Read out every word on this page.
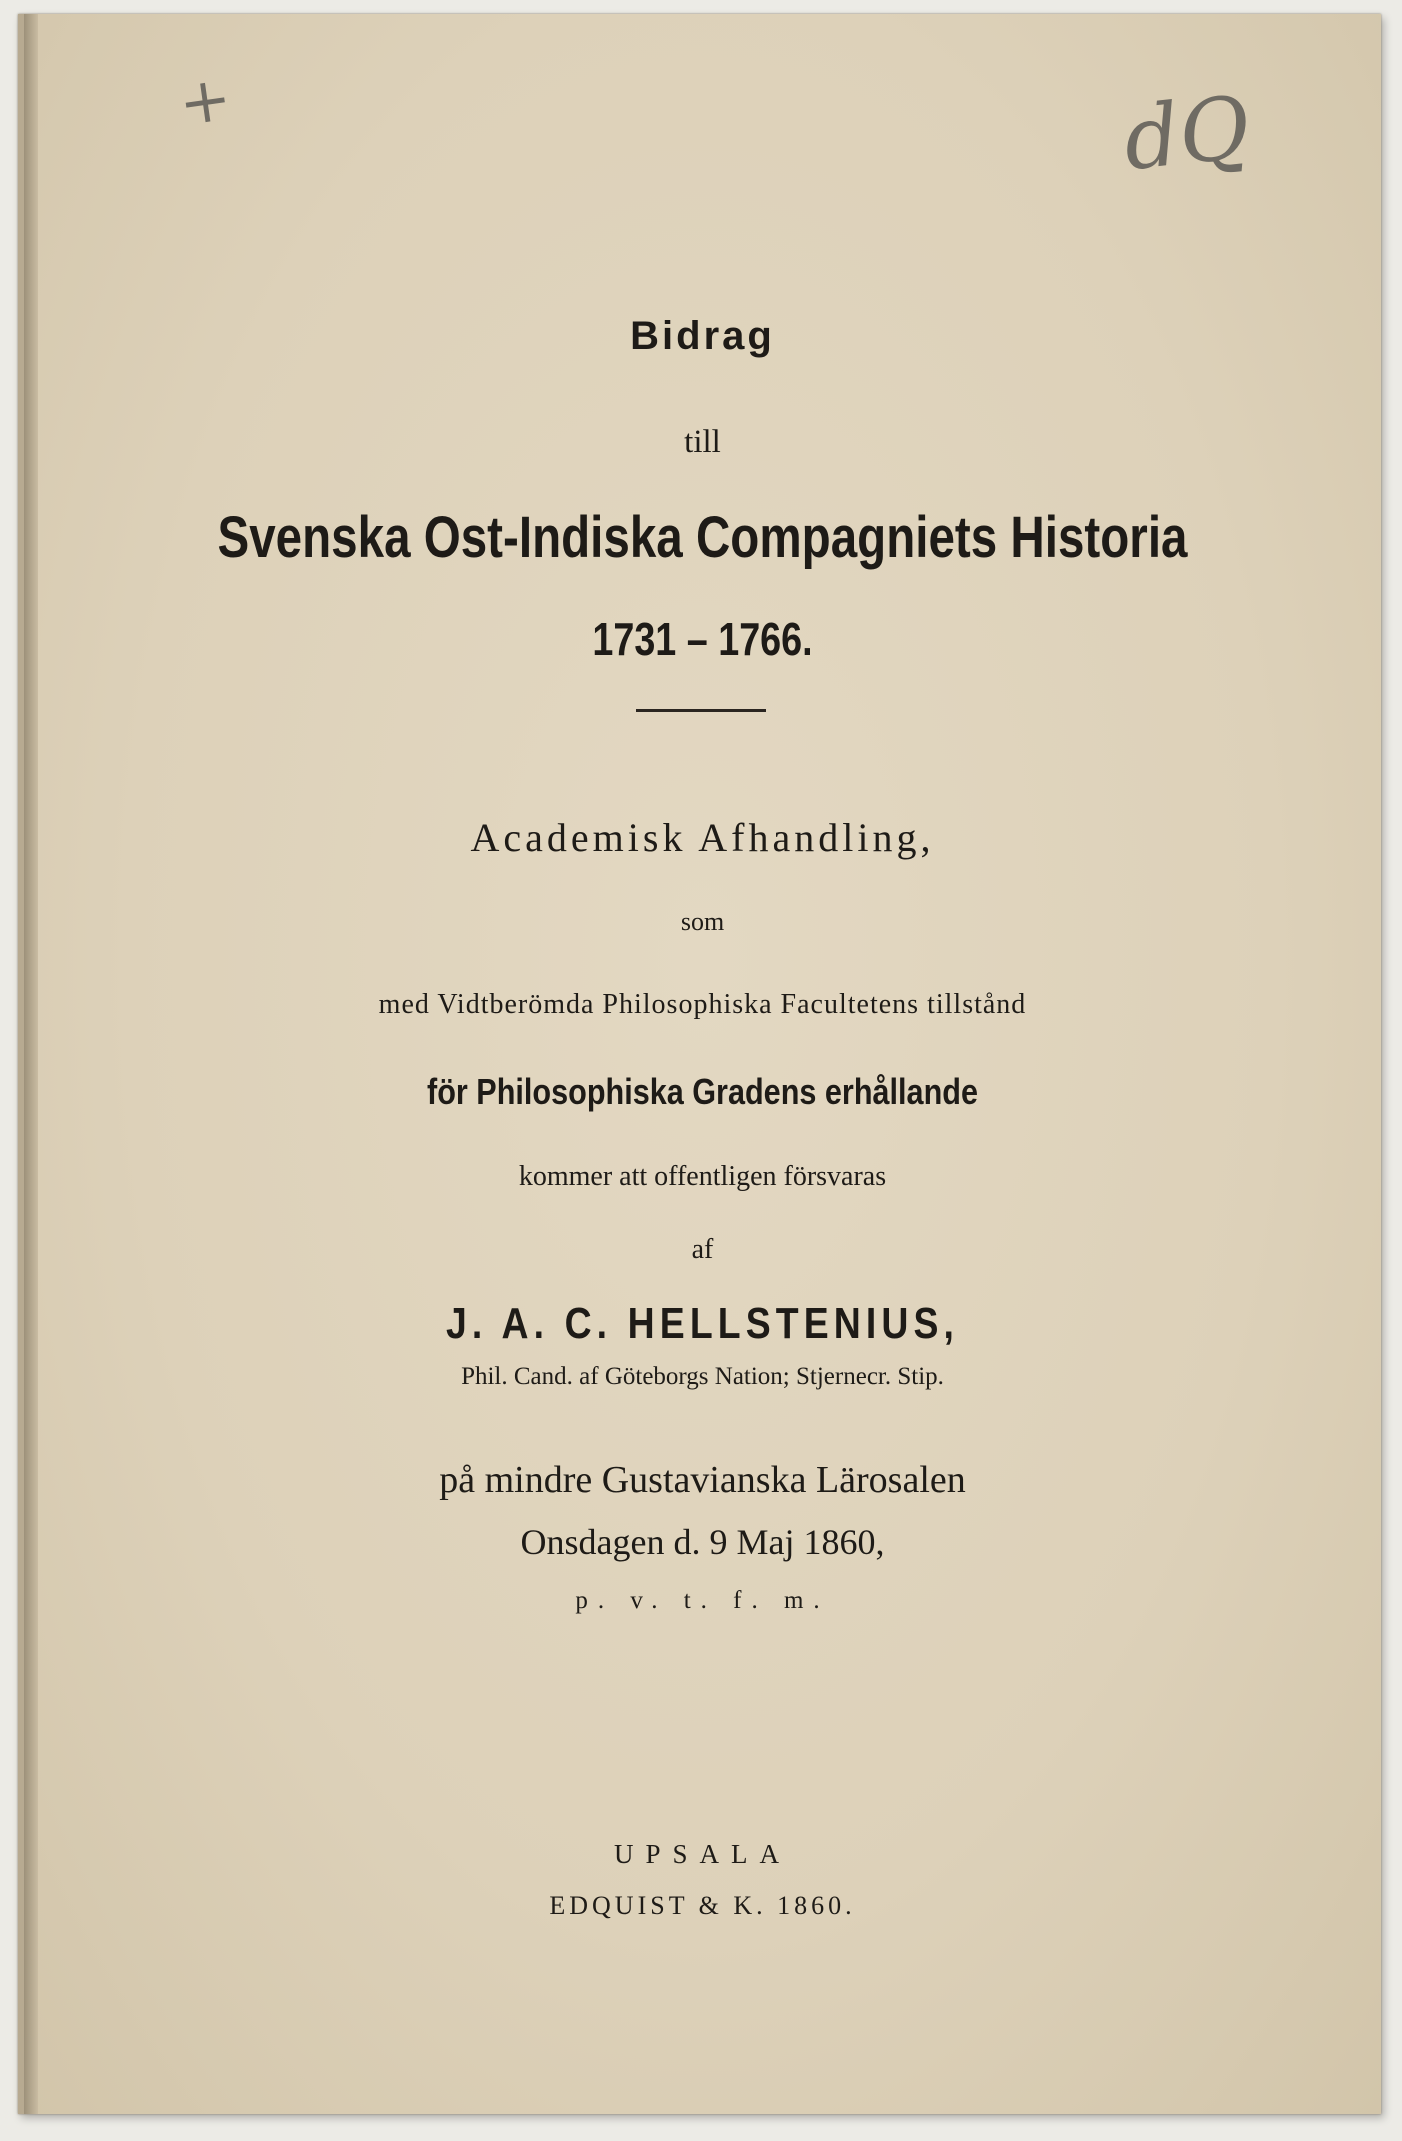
+	dQ
Bidrag
till
Svenska Ost-Indiska Compagniets Historia
1731 – 1766.
Academisk Afhandling,
som
med Vidtberömda Philosophiska Facultetens tillstånd
för Philosophiska Gradens erhållande
kommer att offentligen försvaras
af
J. A. C. HELLSTENIUS,
Phil. Cand. af Göteborgs Nation; Stjernecr. Stip.
på mindre Gustavianska Lärosalen
Onsdagen d. 9 Maj 1860,
p. v. t. f. m.
UPSALA
EDQUIST & K. 1860.
